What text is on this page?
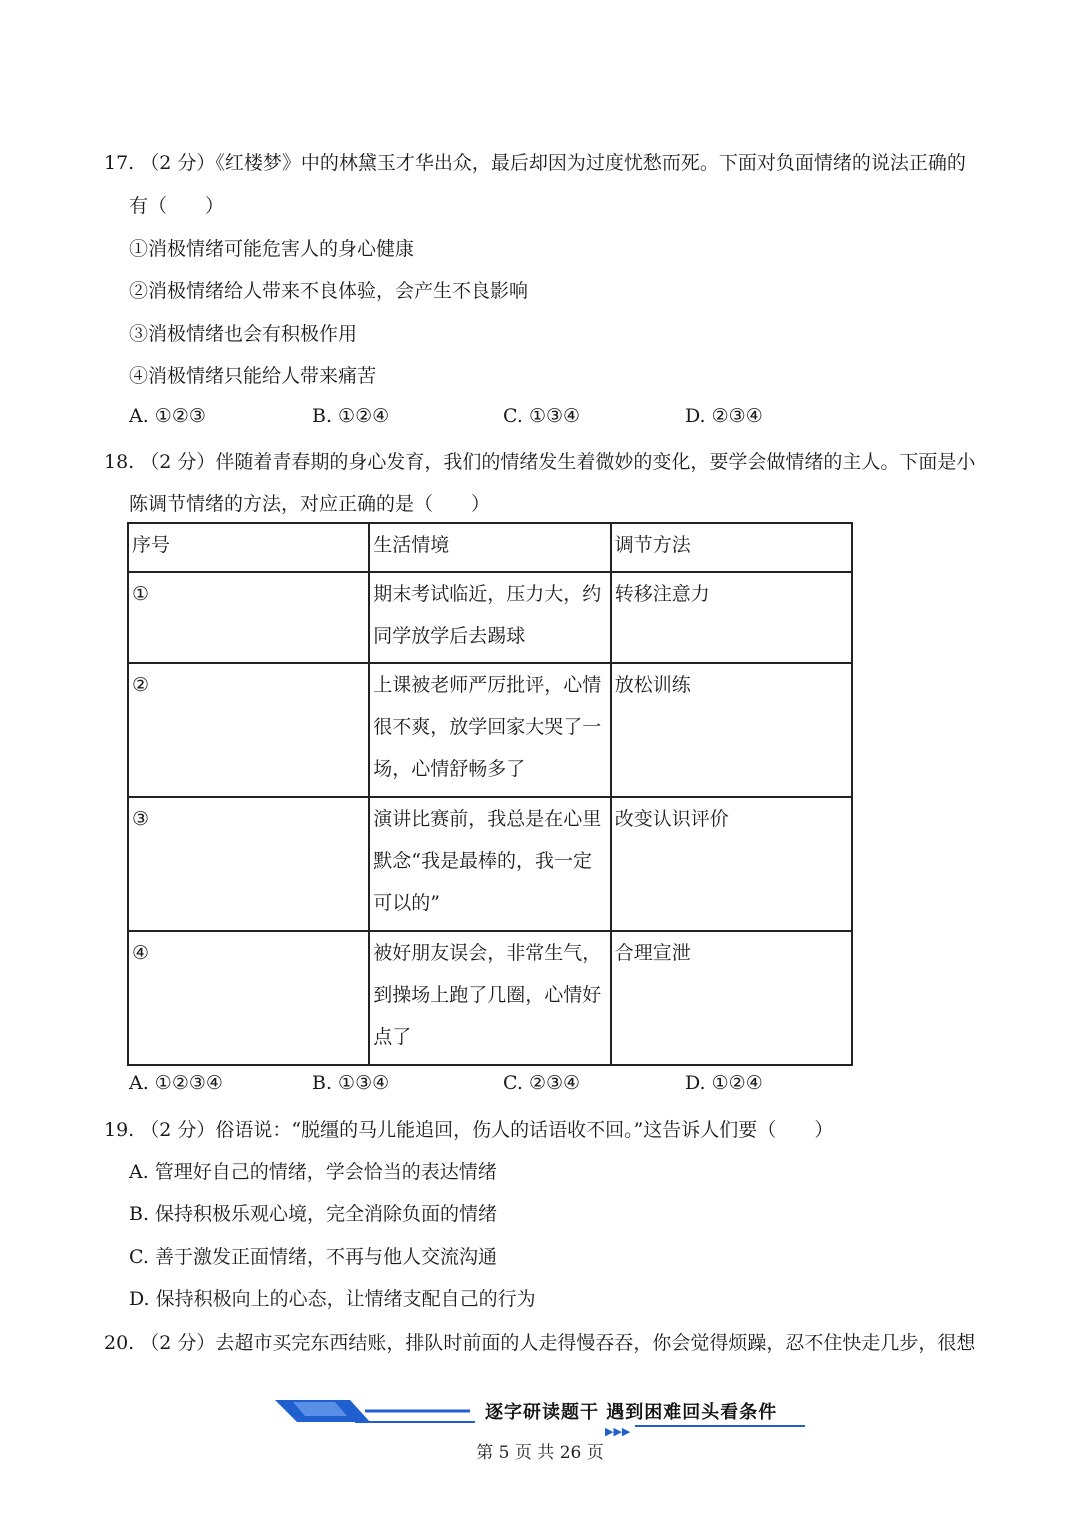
17. （2 分）《红楼梦》中的林黛玉才华出众，最后却因为过度忧愁而死。下面对负面情绪的说法正确的
有（　　）
①消极情绪可能危害人的身心健康
②消极情绪给人带来不良体验，会产生不良影响
③消极情绪也会有积极作用
④消极情绪只能给人带来痛苦
A. ①②③	B. ①②④	C. ①③④	D. ②③④
18. （2 分）伴随着青春期的身心发育，我们的情绪发生着微妙的变化，要学会做情绪的主人。下面是小
陈调节情绪的方法，对应正确的是（　　）
序号	生活情境	调节方法
①	期末考试临近，压力大，约同学放学后去踢球	转移注意力
②	上课被老师严厉批评，心情很不爽，放学回家大哭了一场，心情舒畅多了	放松训练
③	演讲比赛前，我总是在心里默念“我是最棒的，我一定可以的”	改变认识评价
④	被好朋友误会，非常生气，到操场上跑了几圈，心情好点了	合理宣泄
A. ①②③④	B. ①③④	C. ②③④	D. ①②④
19. （2 分）俗语说：“脱缰的马儿能追回，伤人的话语收不回。”这告诉人们要（　　）
A. 管理好自己的情绪，学会恰当的表达情绪
B. 保持积极乐观心境，完全消除负面的情绪
C. 善于激发正面情绪，不再与他人交流沟通
D. 保持积极向上的心态，让情绪支配自己的行为
20. （2 分）去超市买完东西结账，排队时前面的人走得慢吞吞，你会觉得烦躁，忍不住快走几步，很想
逐字研读题干 遇到困难回头看条件
▶▶▶
第 5 页 共 26 页
